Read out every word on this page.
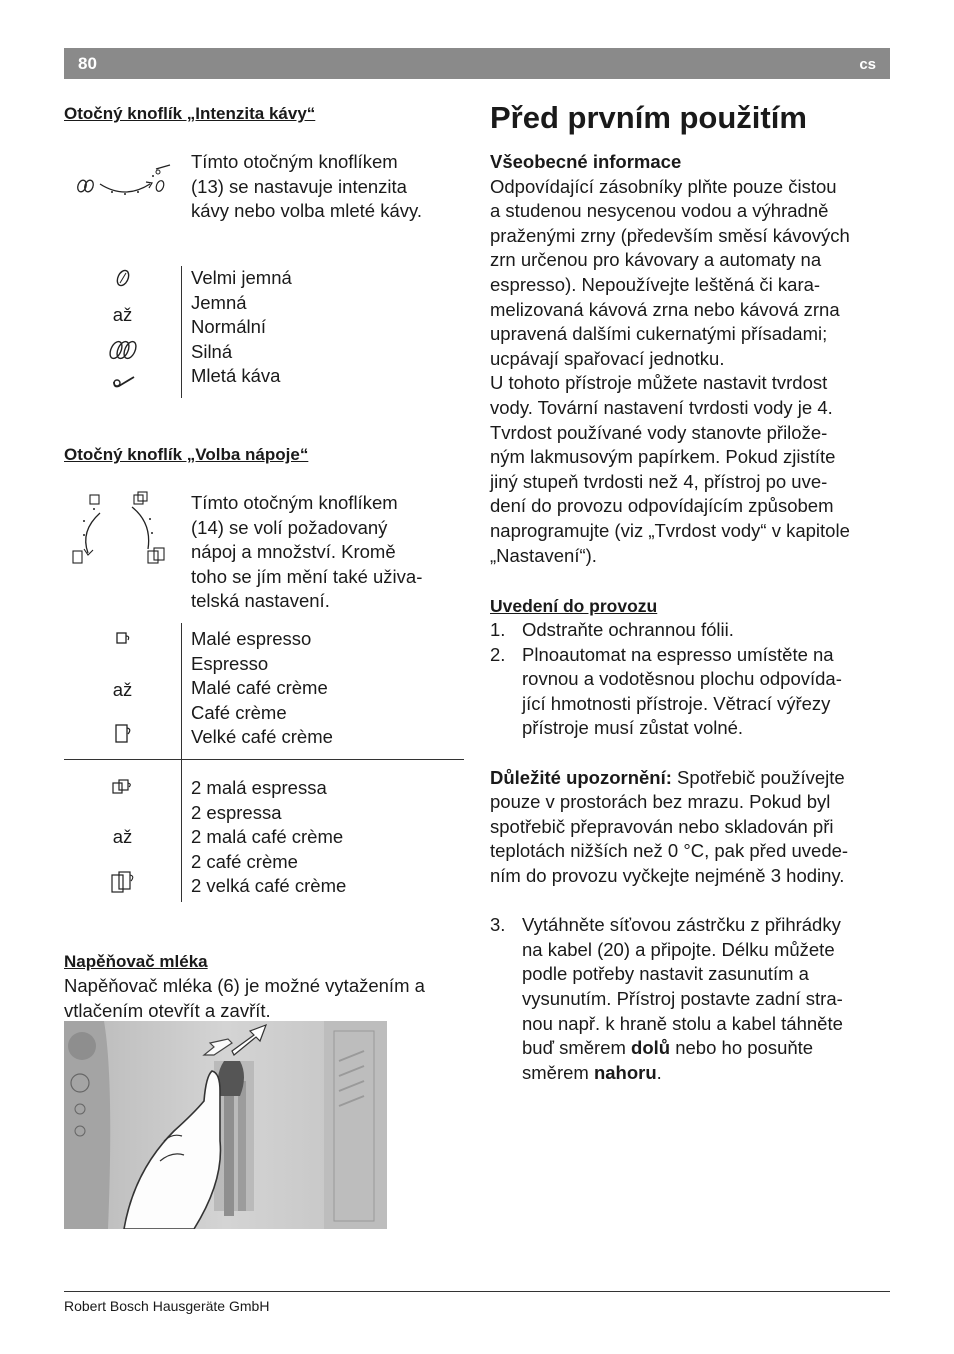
80	cs
Otočný knoflík „Intenzita kávy“

Tímto otočným knoflíkem

(13) se nastavuje intenzita

kávy nebo volba mleté kávy.

až

Velmi jemná

Jemná

Normální

Silná

Mletá káva

Otočný knoflík „Volba nápoje“

Tímto otočným knoflíkem

(14) se volí požadovaný

nápoj a množství. Kromě

toho se jím mění také uživa-

telská nastavení.

až

Malé espresso

Espresso

Malé café crème

Café crème

Velké café crème

až

2 malá espressa

2 espressa

2 malá café crème

2 café crème

2 velká café crème

Napěňovač mléka

Napěňovač mléka (6) je možné vytažením a

vtlačením otevřít a zavřít.

Před prvním použitím
Všeobecné informace

Odpovídající zásobníky plňte pouze čistou

a studenou nesycenou vodou a výhradně

praženými zrny (především směsí kávových

zrn určenou pro kávovary a automaty na

espresso). Nepoužívejte leštěná či kara-

melizovaná kávová zrna nebo kávová zrna

upravená dalšími cukernatými přísadami;

ucpávají spařovací jednotku.

U tohoto přístroje můžete nastavit tvrdost

vody. Tovární nastavení tvrdosti vody je 4.

Tvrdost používané vody stanovte přilože-

ným lakmusovým papírkem. Pokud zjistíte

jiný stupeň tvrdosti než 4, přístroj po uve-

dení do provozu odpovídajícím způsobem

naprogramujte (viz „Tvrdost vody“ v kapitole

„Nastavení“).

Uvedení do provozu
1. Odstraňte ochrannou fólii.
2. Plnoautomat na espresso umístěte na
rovnou a vodotěsnou plochu odpovída-
jící hmotnosti přístroje. Větrací výřezy
přístroje musí zůstat volné.

Důležité upozornění: Spotřebič používejte

pouze v prostorách bez mrazu. Pokud byl

spotřebič přepravován nebo skladován při

teplotách nižších než 0 °C, pak před uvede-

ním do provozu vyčkejte nejméně 3 hodiny.

3. Vytáhněte síťovou zástrčku z přihrádky
na kabel (20) a připojte. Délku můžete
podle potřeby nastavit zasunutím a
vysunutím. Přístroj postavte zadní stra-
nou např. k hraně stolu a kabel táhněte
buď směrem dolů nebo ho posuňte
směrem nahoru.
Robert Bosch Hausgeräte GmbH
